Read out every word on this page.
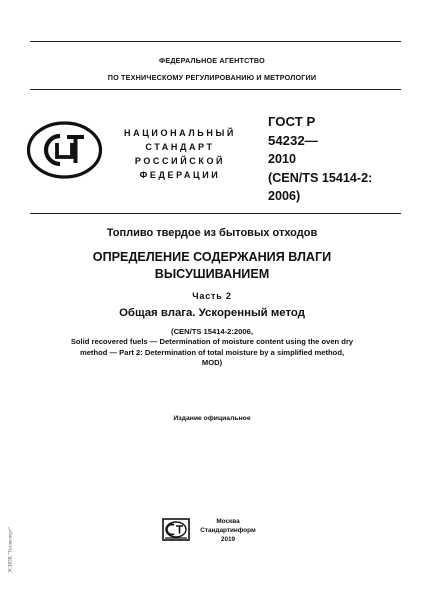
ФЕДЕРАЛЬНОЕ АГЕНТСТВО
ПО ТЕХНИЧЕСКОМУ РЕГУЛИРОВАНИЮ И МЕТРОЛОГИИ
НАЦИОНАЛЬНЫЙ
СТАНДАРТ
РОССИЙСКОЙ
ФЕДЕРАЦИИ
ГОСТ Р
54232—
2010
(CEN/TS 15414-2:
2006)
Топливо твердое из бытовых отходов
ОПРЕДЕЛЕНИЕ СОДЕРЖАНИЯ ВЛАГИ
ВЫСУШИВАНИЕМ
Часть 2
Общая влага. Ускоренный метод
(CEN/TS 15414-2:2006,
Solid recovered fuels — Determination of moisture content using the oven dry
method — Part 2: Determination of total moisture by a simplified method,
MOD)
Издание официальное
Москва
Стандартинформ
2019
ЭСИПК "Техэксперт"
